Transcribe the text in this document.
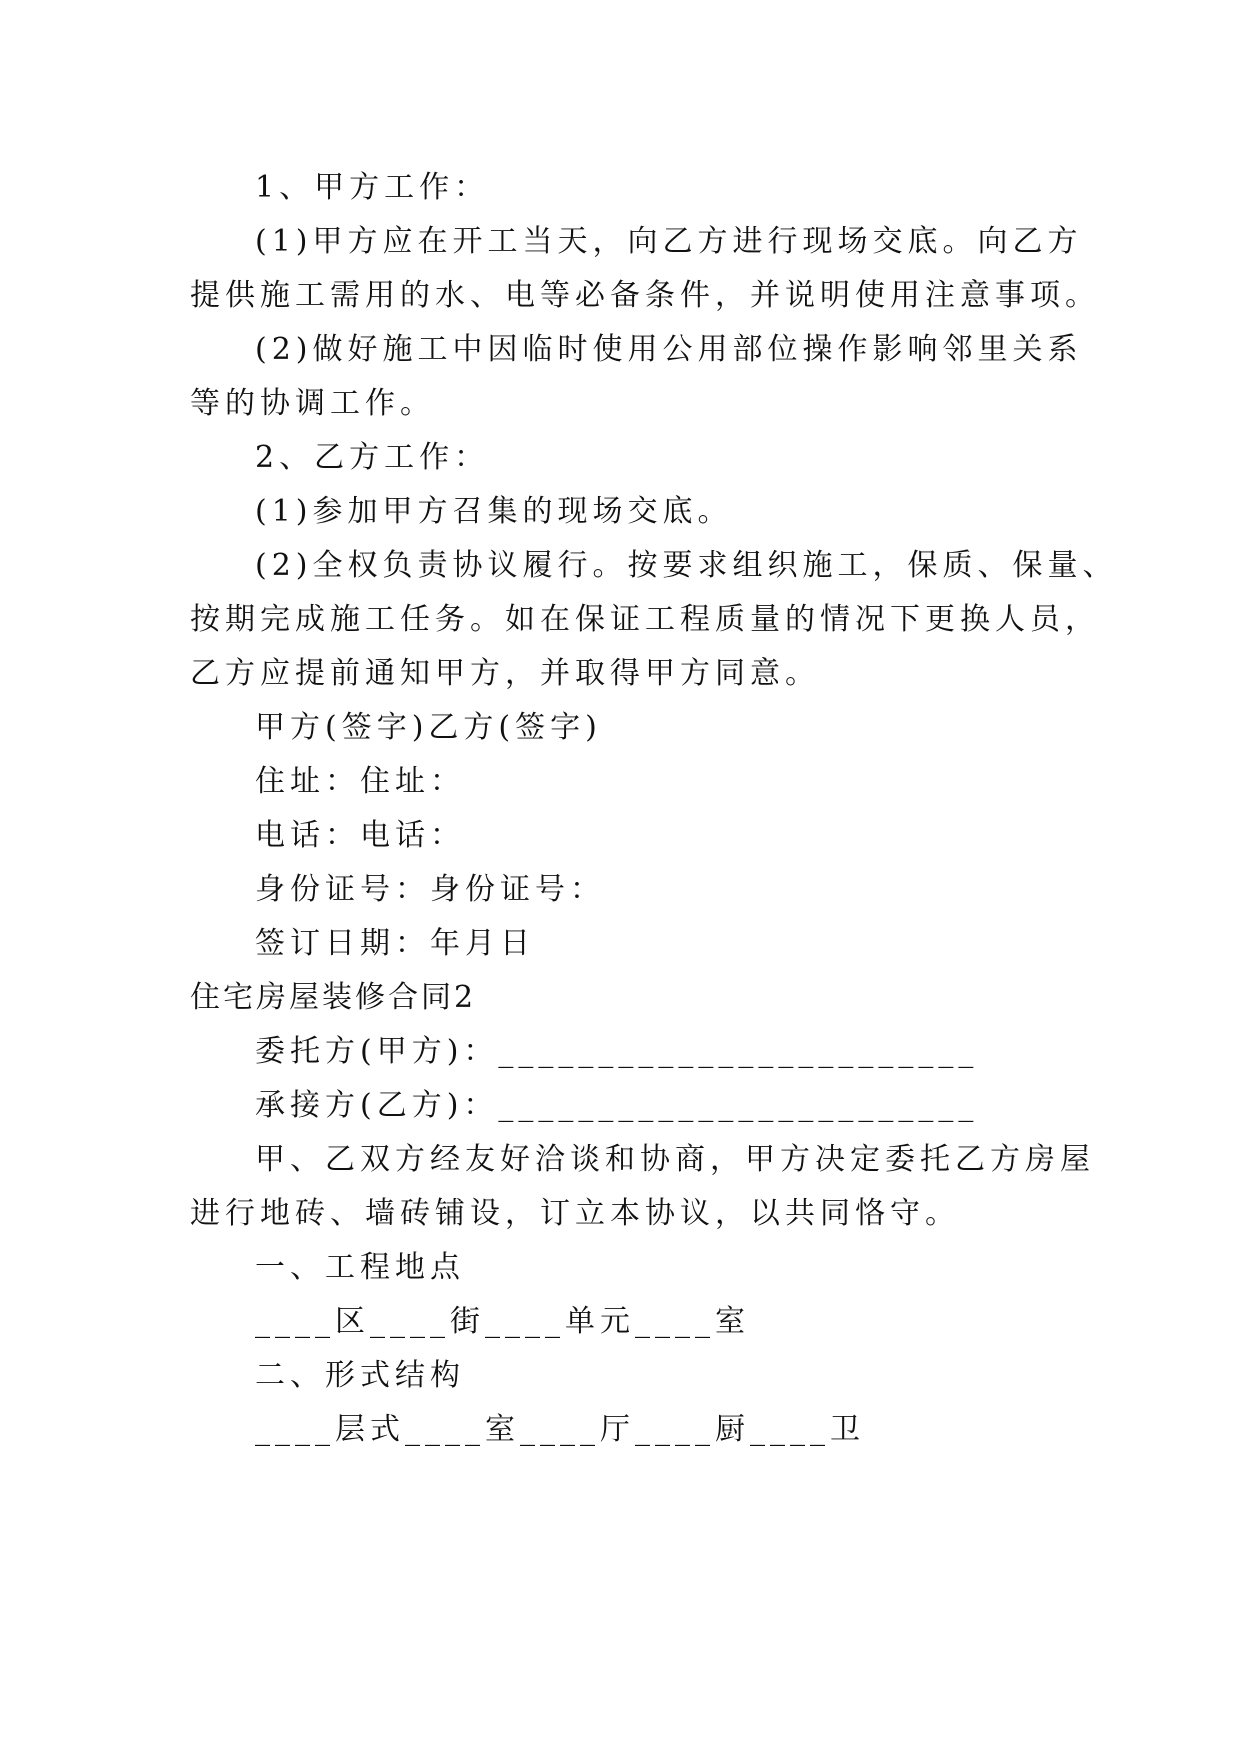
1、甲方工作：
(1)甲方应在开工当天，向乙方进行现场交底。向乙方
提供施工需用的水、电等必备条件，并说明使用注意事项。
(2)做好施工中因临时使用公用部位操作影响邻里关系
等的协调工作。
2、乙方工作：
(1)参加甲方召集的现场交底。
(2)全权负责协议履行。按要求组织施工，保质、保量、
按期完成施工任务。如在保证工程质量的情况下更换人员，
乙方应提前通知甲方，并取得甲方同意。
甲方(签字)乙方(签字)
住址：住址：
电话：电话：
身份证号：身份证号：
签订日期：年月日
住宅房屋装修合同2
委托方(甲方)：________________________
承接方(乙方)：________________________
甲、乙双方经友好洽谈和协商，甲方决定委托乙方房屋
进行地砖、墙砖铺设，订立本协议，以共同恪守。
一、工程地点
____区____街____单元____室
二、形式结构
____层式____室____厅____厨____卫
